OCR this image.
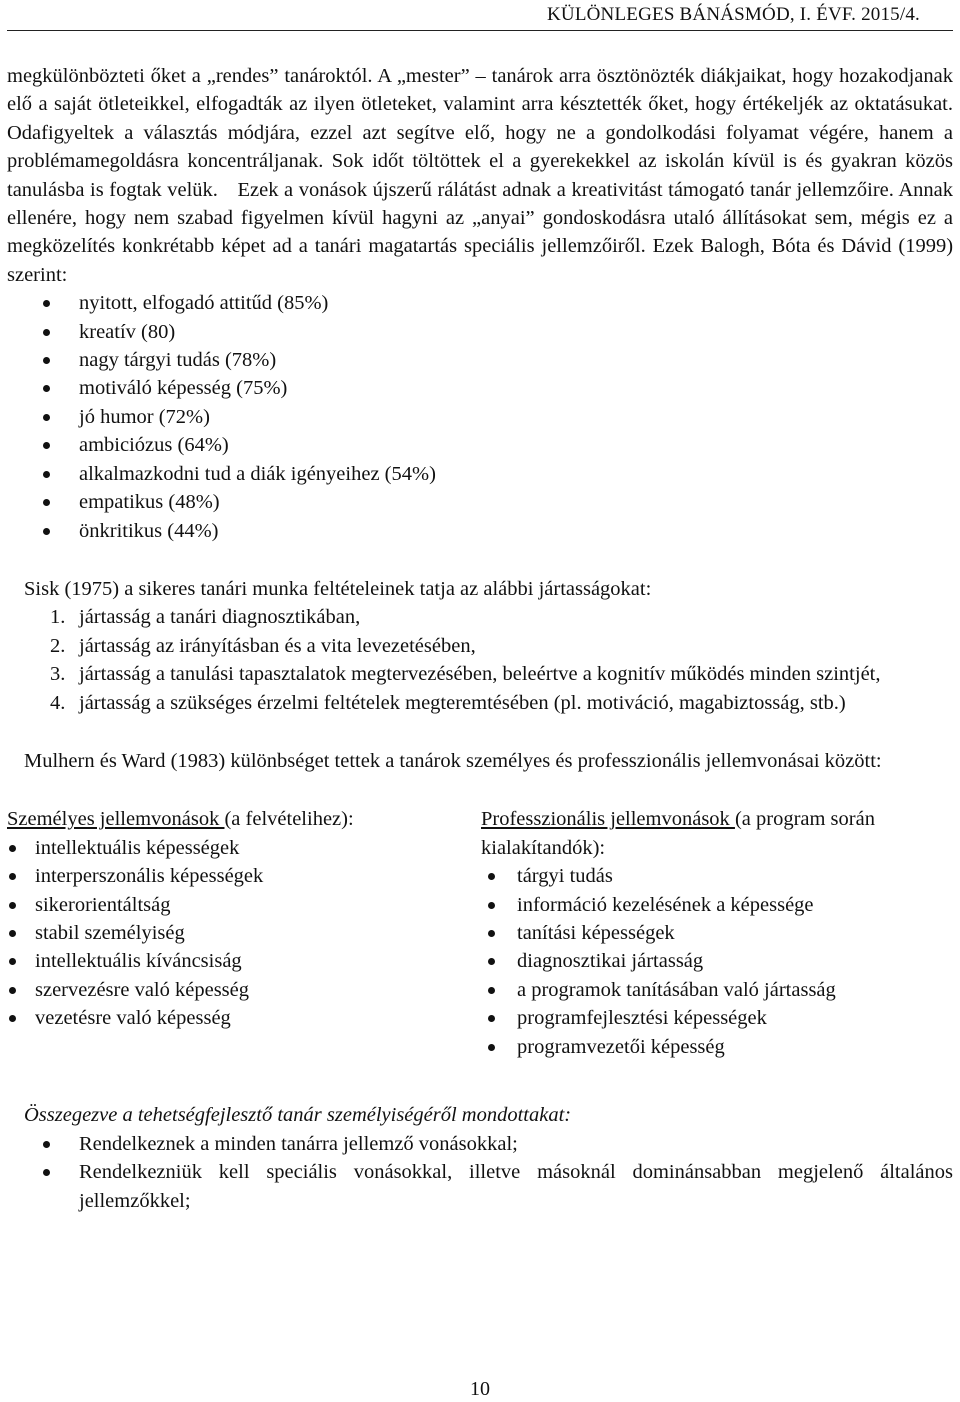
KÜLÖNLEGES BÁNÁSMÓD, I. ÉVF. 2015/4.

megkülönbözteti őket a „rendes” tanároktól. A „mester” – tanárok arra ösztönözték diákjaikat, hogy hozakodjanak elő a saját ötleteikkel, elfogadták az ilyen ötleteket, valamint arra késztették őket, hogy értékeljék az oktatásukat. Odafigyeltek a választás módjára, ezzel azt segítve elő, hogy ne a gondolkodási folyamat végére, hanem a problémamegoldásra koncentráljanak. Sok időt töltöttek el a gyerekekkel az iskolán kívül is és gyakran közös tanulásba is fogtak velük. Ezek a vonások újszerű rálátást adnak a kreativitást támogató tanár jellemzőire. Annak ellenére, hogy nem szabad figyelmen kívül hagyni az „anyai” gondoskodásra utaló állításokat sem, mégis ez a megközelítés konkrétabb képet ad a tanári magatartás speciális jellemzőiről. Ezek Balogh, Bóta és Dávid (1999) szerint:

nyitott, elfogadó attitűd (85%)
kreatív (80)
nagy tárgyi tudás (78%)
motiváló képesség (75%)
jó humor (72%)
ambiciózus (64%)
alkalmazkodni tud a diák igényeihez (54%)
empatikus (48%)
önkritikus (44%)
Sisk (1975) a sikeres tanári munka feltételeinek tatja az alábbi jártasságokat:
1. jártasság a tanári diagnosztikában,
2. jártasság az irányításban és a vita levezetésében,
3. jártasság a tanulási tapasztalatok megtervezésében, beleértve a kognitív működés minden szintjét,
4. jártasság a szükséges érzelmi feltételek megteremtésében (pl. motiváció, magabiztosság, stb.)

Mulhern és Ward (1983) különbséget tettek a tanárok személyes és professzionális jellemvonásai között:

Személyes jellemvonások (a felvételihez):
intellektuális képességek
interperszonális képességek
sikerorientáltság
stabil személyiség
intellektuális kíváncsiság
szervezésre való képesség
vezetésre való képesség
Professzionális jellemvonások (a program során kialakítandók):
tárgyi tudás
információ kezelésének a képessége
tanítási képességek
diagnosztikai jártasság
a programok tanításában való jártasság
programfejlesztési képességek
programvezetői képesség
Összegezve a tehetségfejlesztő tanár személyiségéről mondottakat:
Rendelkeznek a minden tanárra jellemző vonásokkal;
Rendelkezniük kell speciális vonásokkal, illetve másoknál dominánsabban megjelenő általános jellemzőkkel;
10
